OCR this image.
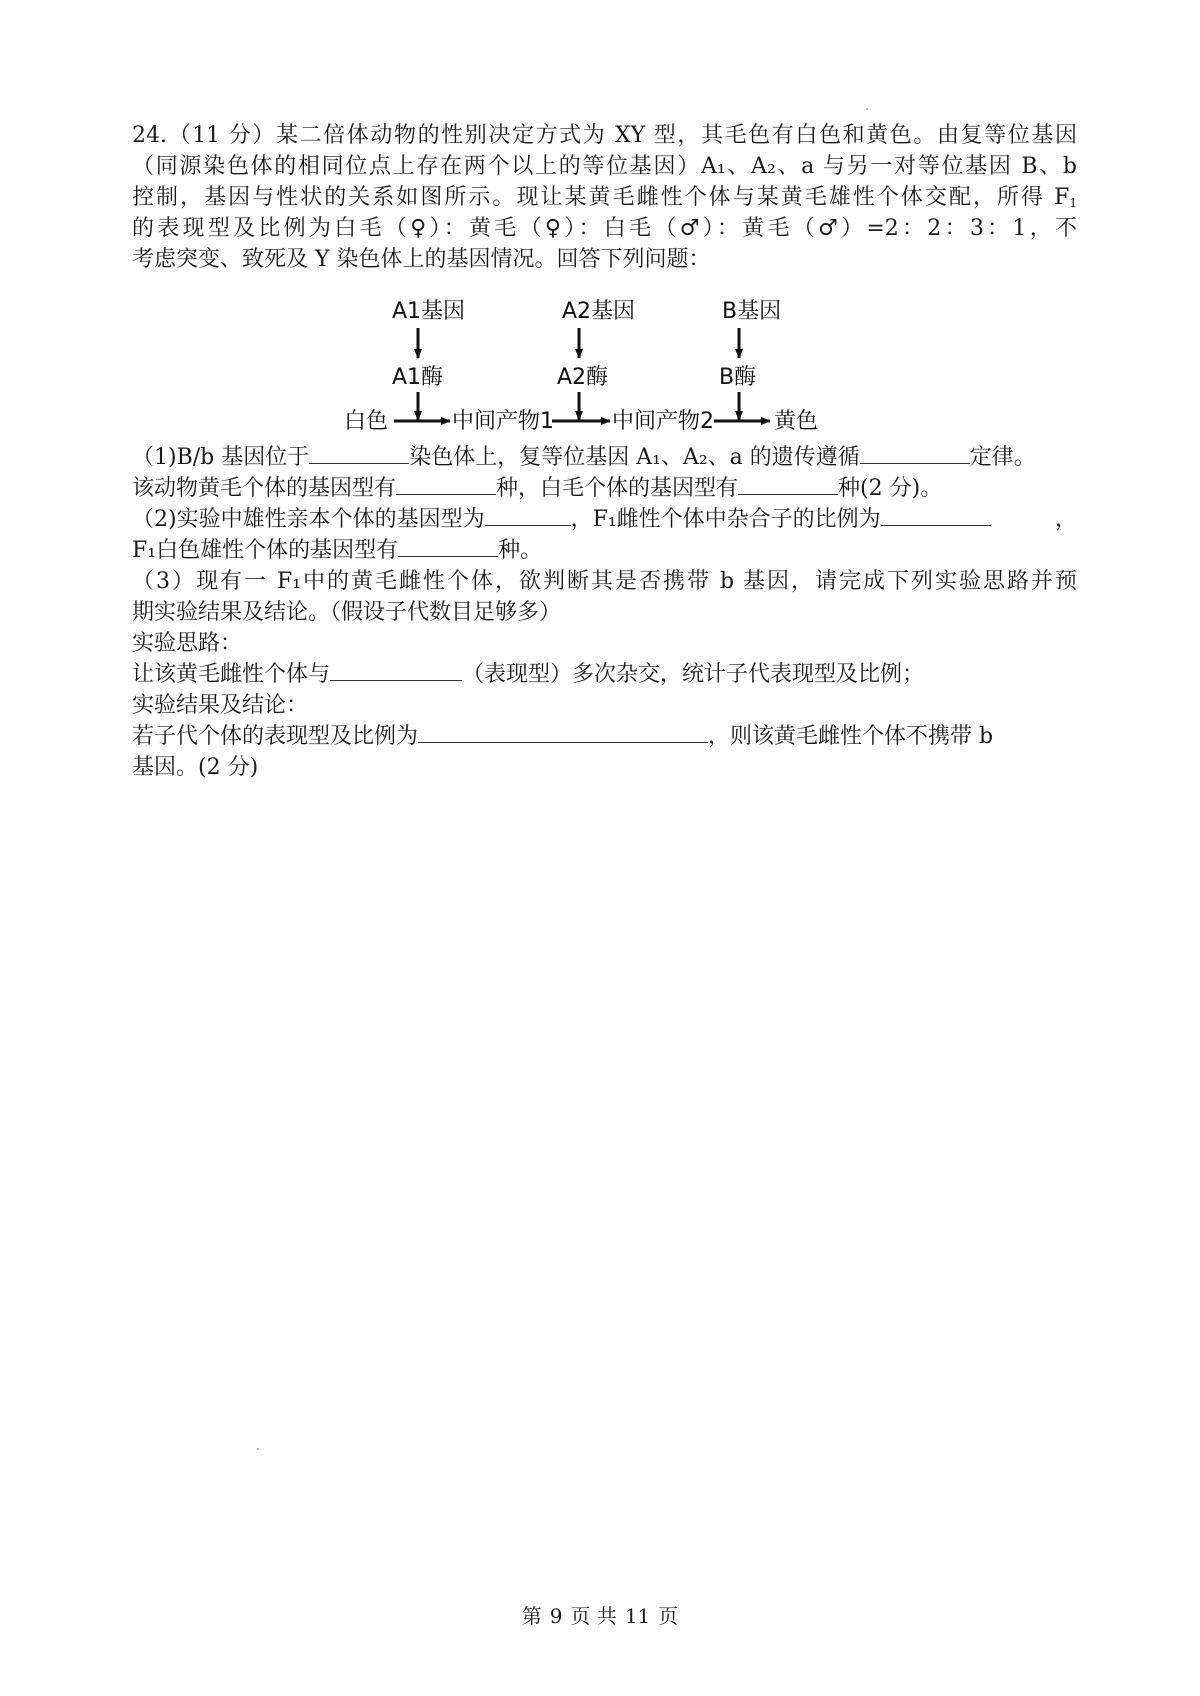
24.（11 分）某二倍体动物的性别决定方式为 XY 型，其毛色有白色和黄色。由复等位基因

（同源染色体的相同位点上存在两个以上的等位基因）A₁、A₂、a 与另一对等位基因 B、b

控制，基因与性状的关系如图所示。现让某黄毛雌性个体与某黄毛雄性个体交配，所得 $F_1$

的表现型及比例为白毛（♀）：黄毛（♀）：白毛（♂）：黄毛（♂）=2：2：3：1，不

考虑突变、致死及 Y 染色体上的基因情况。回答下列问题：

A1基因	A2基因	B基因
A1酶	A2酶	B酶
白色	中间产物1	中间产物2	黄色

（1)B/b 基因位于	染色体上，复等位基因 A₁、A₂、a 的遗传遵循	定律。

该动物黄毛个体的基因型有	种，白毛个体的基因型有	种(2 分)。

（2)实验中雄性亲本个体的基因型为	，F₁雌性个体中杂合子的比例为	，

F₁白色雄性个体的基因型有	种。

（3）现有一 F₁中的黄毛雌性个体，欲判断其是否携带 b 基因，请完成下列实验思路并预

期实验结果及结论。（假设子代数目足够多）

实验思路：

让该黄毛雌性个体与	（表现型）多次杂交，统计子代表现型及比例；

实验结果及结论：

若子代个体的表现型及比例为	，则该黄毛雌性个体不携带 b

基因。(2 分)

第 9 页 共 11 页
